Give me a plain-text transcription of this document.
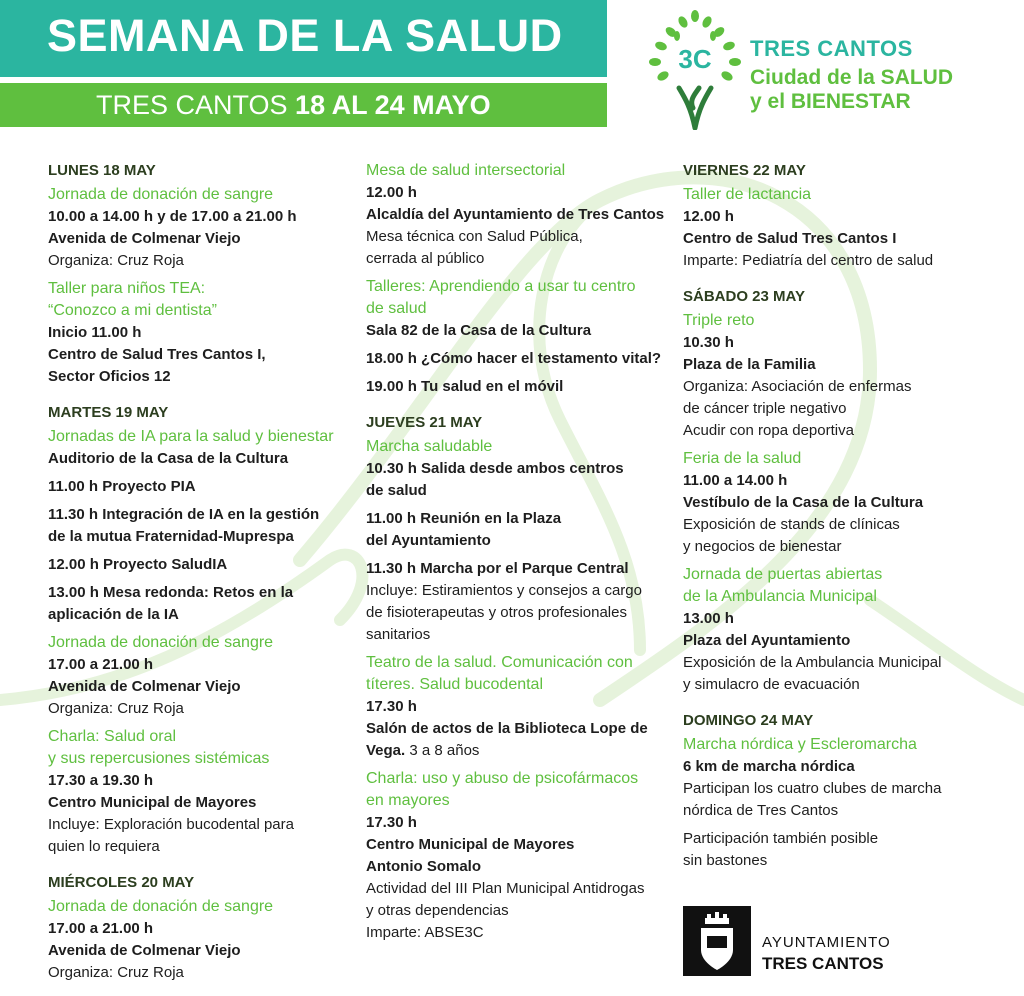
SEMANA DE LA SALUD
TRES CANTOS 18 AL 24 MAYO
3C TRES CANTOS
Ciudad de la SALUD
y el BIENESTAR
LUNES 18 MAY
Jornada de donación de sangre
10.00 a 14.00 h y de 17.00 a 21.00 h
Avenida de Colmenar Viejo
Organiza: Cruz Roja
Taller para niños TEA:
“Conozco a mi dentista”
Inicio 11.00 h
Centro de Salud Tres Cantos I,
Sector Oficios 12
MARTES 19 MAY
Jornadas de IA para la salud y bienestar
Auditorio de la Casa de la Cultura
11.00 h Proyecto PIA
11.30 h Integración de IA en la gestión
de la mutua Fraternidad-Muprespa
12.00 h Proyecto SaludIA
13.00 h Mesa redonda: Retos en la
aplicación de la IA
Jornada de donación de sangre
17.00 a 21.00 h
Avenida de Colmenar Viejo
Organiza: Cruz Roja
Charla: Salud oral
y sus repercusiones sistémicas
17.30 a 19.30 h
Centro Municipal de Mayores
Incluye: Exploración bucodental para
quien lo requiera
MIÉRCOLES 20 MAY
Jornada de donación de sangre
17.00 a 21.00 h
Avenida de Colmenar Viejo
Organiza: Cruz Roja
Mesa de salud intersectorial
12.00 h
Alcaldía del Ayuntamiento de Tres Cantos
Mesa técnica con Salud Pública,
cerrada al público
Talleres: Aprendiendo a usar tu centro
de salud
Sala 82 de la Casa de la Cultura
18.00 h ¿Cómo hacer el testamento vital?
19.00 h Tu salud en el móvil
JUEVES 21 MAY
Marcha saludable
10.30 h Salida desde ambos centros
de salud
11.00 h Reunión en la Plaza
del Ayuntamiento
11.30 h Marcha por el Parque Central
Incluye: Estiramientos y consejos a cargo
de fisioterapeutas y otros profesionales
sanitarios
Teatro de la salud. Comunicación con
títeres. Salud bucodental
17.30 h
Salón de actos de la Biblioteca Lope de
Vega. 3 a 8 años
Charla: uso y abuso de psicofármacos
en mayores
17.30 h
Centro Municipal de Mayores
Antonio Somalo
Actividad del III Plan Municipal Antidrogas
y otras dependencias
Imparte: ABSE3C
VIERNES 22 MAY
Taller de lactancia
12.00 h
Centro de Salud Tres Cantos I
Imparte: Pediatría del centro de salud
SÁBADO 23 MAY
Triple reto
10.30 h
Plaza de la Familia
Organiza: Asociación de enfermas
de cáncer triple negativo
Acudir con ropa deportiva
Feria de la salud
11.00 a 14.00 h
Vestíbulo de la Casa de la Cultura
Exposición de stands de clínicas
y negocios de bienestar
Jornada de puertas abiertas
de la Ambulancia Municipal
13.00 h
Plaza del Ayuntamiento
Exposición de la Ambulancia Municipal
y simulacro de evacuación
DOMINGO 24 MAY
Marcha nórdica y Escleromarcha
6 km de marcha nórdica
Participan los cuatro clubes de marcha
nórdica de Tres Cantos
Participación también posible
sin bastones
AYUNTAMIENTO
TRES CANTOS
